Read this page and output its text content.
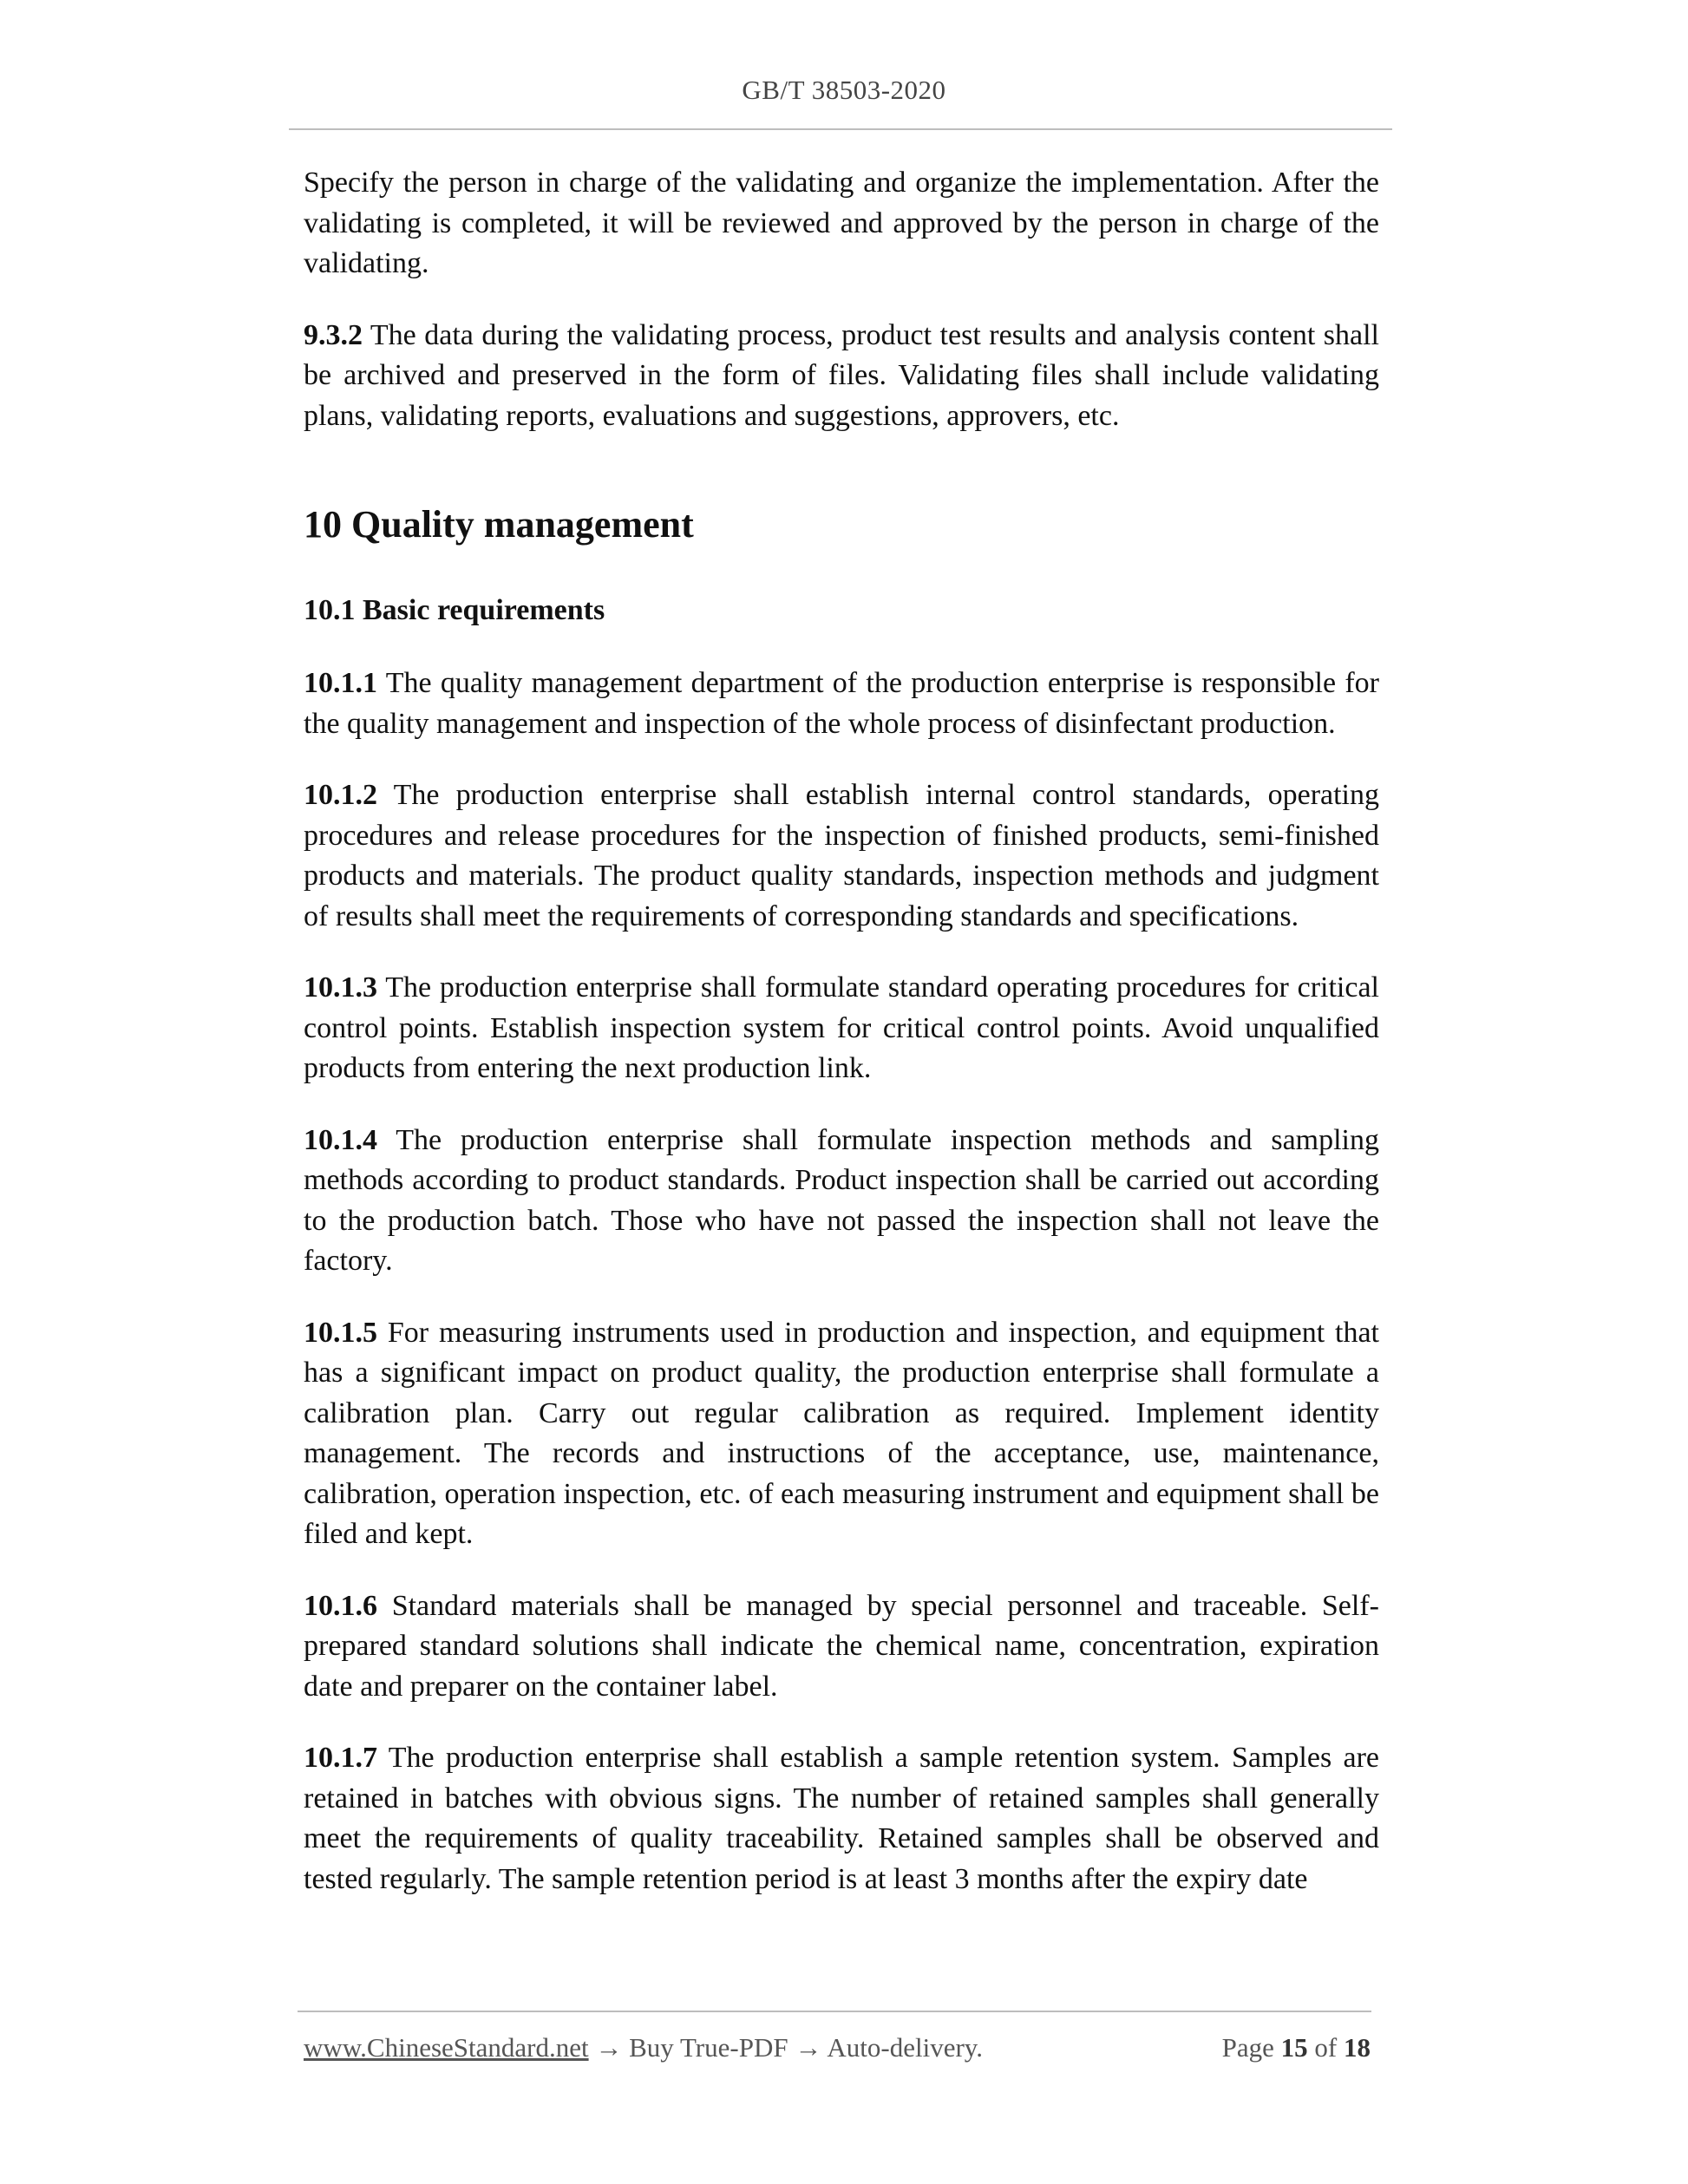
GB/T 38503-2020

Specify the person in charge of the validating and organize the implementation. After the validating is completed, it will be reviewed and approved by the person in charge of the validating.

9.3.2 The data during the validating process, product test results and analysis content shall be archived and preserved in the form of files. Validating files shall include validating plans, validating reports, evaluations and suggestions, approvers, etc.

10 Quality management
10.1 Basic requirements

10.1.1 The quality management department of the production enterprise is responsible for the quality management and inspection of the whole process of disinfectant production.

10.1.2 The production enterprise shall establish internal control standards, operating procedures and release procedures for the inspection of finished products, semi-finished products and materials. The product quality standards, inspection methods and judgment of results shall meet the requirements of corresponding standards and specifications.

10.1.3 The production enterprise shall formulate standard operating procedures for critical control points. Establish inspection system for critical control points. Avoid unqualified products from entering the next production link.

10.1.4 The production enterprise shall formulate inspection methods and sampling methods according to product standards. Product inspection shall be carried out according to the production batch. Those who have not passed the inspection shall not leave the factory.

10.1.5 For measuring instruments used in production and inspection, and equipment that has a significant impact on product quality, the production enterprise shall formulate a calibration plan. Carry out regular calibration as required. Implement identity management. The records and instructions of the acceptance, use, maintenance, calibration, operation inspection, etc. of each measuring instrument and equipment shall be filed and kept.

10.1.6 Standard materials shall be managed by special personnel and traceable. Self-prepared standard solutions shall indicate the chemical name, concentration, expiration date and preparer on the container label.

10.1.7 The production enterprise shall establish a sample retention system. Samples are retained in batches with obvious signs. The number of retained samples shall generally meet the requirements of quality traceability. Retained samples shall be observed and tested regularly. The sample retention period is at least 3 months after the expiry date

www.ChineseStandard.net → Buy True-PDF → Auto-delivery.	Page 15 of 18
